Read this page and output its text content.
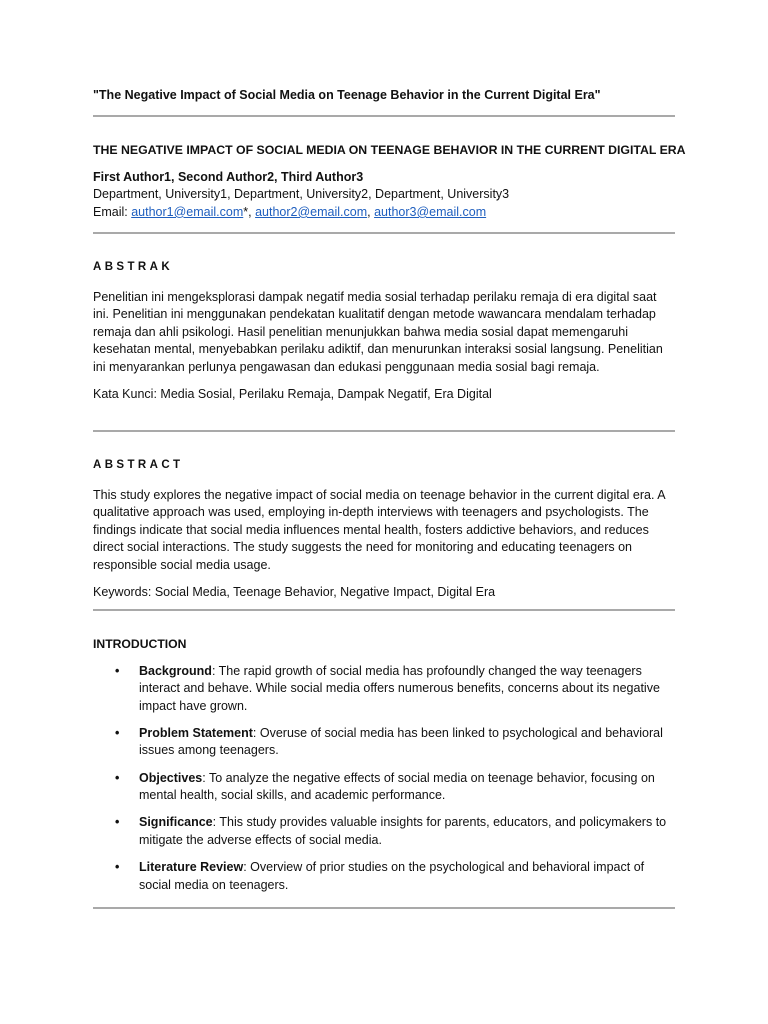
"The Negative Impact of Social Media on Teenage Behavior in the Current Digital Era"
THE NEGATIVE IMPACT OF SOCIAL MEDIA ON TEENAGE BEHAVIOR IN THE CURRENT DIGITAL ERA
First Author1, Second Author2, Third Author3
Department, University1, Department, University2, Department, University3
Email: author1@email.com*, author2@email.com, author3@email.com
ABSTRAK
Penelitian ini mengeksplorasi dampak negatif media sosial terhadap perilaku remaja di era digital saat ini. Penelitian ini menggunakan pendekatan kualitatif dengan metode wawancara mendalam terhadap remaja dan ahli psikologi. Hasil penelitian menunjukkan bahwa media sosial dapat memengaruhi kesehatan mental, menyebabkan perilaku adiktif, dan menurunkan interaksi sosial langsung. Penelitian ini menyarankan perlunya pengawasan dan edukasi penggunaan media sosial bagi remaja.
Kata Kunci: Media Sosial, Perilaku Remaja, Dampak Negatif, Era Digital
ABSTRACT
This study explores the negative impact of social media on teenage behavior in the current digital era. A qualitative approach was used, employing in-depth interviews with teenagers and psychologists. The findings indicate that social media influences mental health, fosters addictive behaviors, and reduces direct social interactions. The study suggests the need for monitoring and educating teenagers on responsible social media usage.
Keywords: Social Media, Teenage Behavior, Negative Impact, Digital Era
INTRODUCTION
• Background: The rapid growth of social media has profoundly changed the way teenagers interact and behave. While social media offers numerous benefits, concerns about its negative impact have grown.
• Problem Statement: Overuse of social media has been linked to psychological and behavioral issues among teenagers.
• Objectives: To analyze the negative effects of social media on teenage behavior, focusing on mental health, social skills, and academic performance.
• Significance: This study provides valuable insights for parents, educators, and policymakers to mitigate the adverse effects of social media.
• Literature Review: Overview of prior studies on the psychological and behavioral impact of social media on teenagers.
